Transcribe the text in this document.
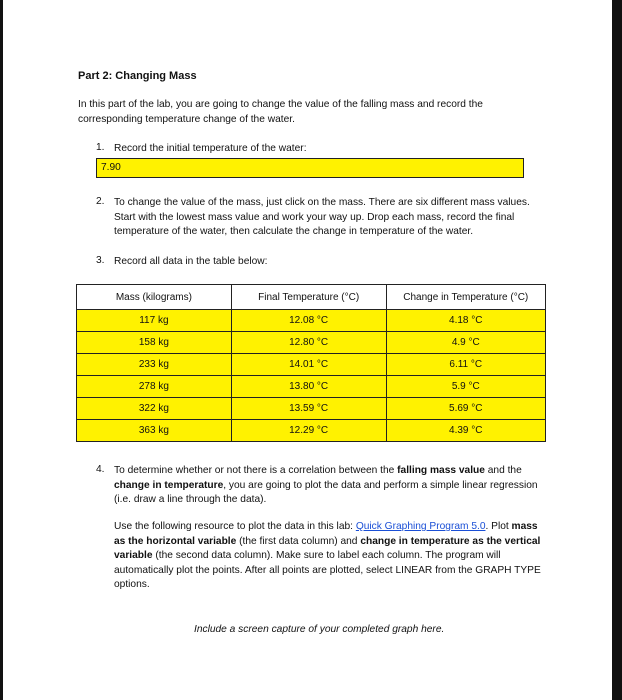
Part 2: Changing Mass
In this part of the lab, you are going to change the value of the falling mass and record the corresponding temperature change of the water.
1. Record the initial temperature of the water:
7.90
2. To change the value of the mass, just click on the mass. There are six different mass values. Start with the lowest mass value and work your way up. Drop each mass, record the final temperature of the water, then calculate the change in temperature of the water.
3. Record all data in the table below:
Mass (kilograms)	Final Temperature (°C)	Change in Temperature (°C)
117 kg	12.08 °C	4.18 °C
158 kg	12.80 °C	4.9 °C
233 kg	14.01 °C	6.11 °C
278 kg	13.80 °C	5.9 °C
322 kg	13.59 °C	5.69 °C
363 kg	12.29 °C	4.39 °C
4. To determine whether or not there is a correlation between the falling mass value and the change in temperature, you are going to plot the data and perform a simple linear regression (i.e. draw a line through the data).
Use the following resource to plot the data in this lab: Quick Graphing Program 5.0. Plot mass as the horizontal variable (the first data column) and change in temperature as the vertical variable (the second data column). Make sure to label each column. The program will automatically plot the points. After all points are plotted, select LINEAR from the GRAPH TYPE options.
Include a screen capture of your completed graph here.
